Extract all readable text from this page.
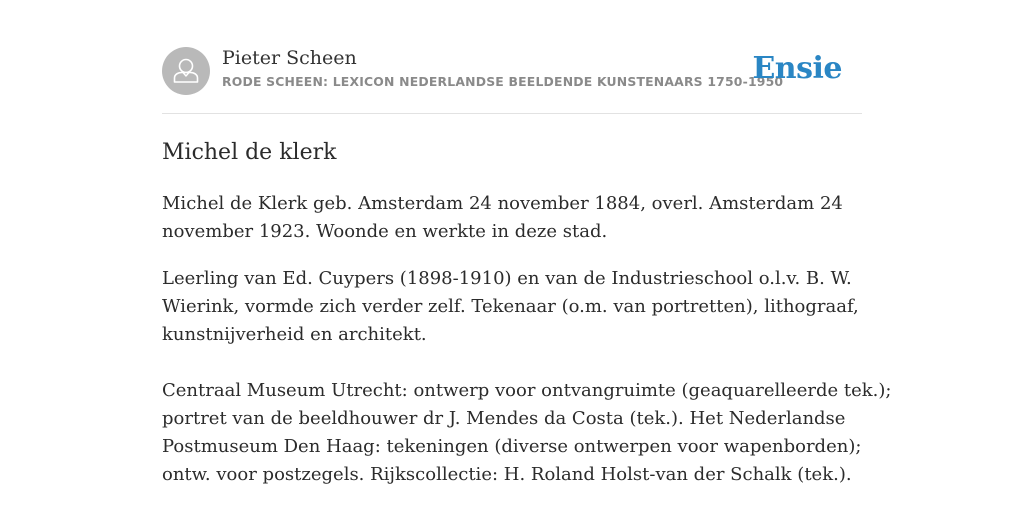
Pieter Scheen
RODE SCHEEN: LEXICON NEDERLANDSE BEELDENDE KUNSTENAARS 1750-1950
Ensie
Michel de klerk
Michel de Klerk geb. Amsterdam 24 november 1884, overl. Amsterdam 24
november 1923. Woonde en werkte in deze stad.
Leerling van Ed. Cuypers (1898-1910) en van de Industrieschool o.l.v. B. W.
Wierink, vormde zich verder zelf. Tekenaar (o.m. van portretten), lithograaf,
kunstnijverheid en architekt.
Centraal Museum Utrecht: ontwerp voor ontvangruimte (geaquarelleerde tek.);
portret van de beeldhouwer dr J. Mendes da Costa (tek.). Het Nederlandse
Postmuseum Den Haag: tekeningen (diverse ontwerpen voor wapenborden);
ontw. voor postzegels. Rijkscollectie: H. Roland Holst-van der Schalk (tek.).
